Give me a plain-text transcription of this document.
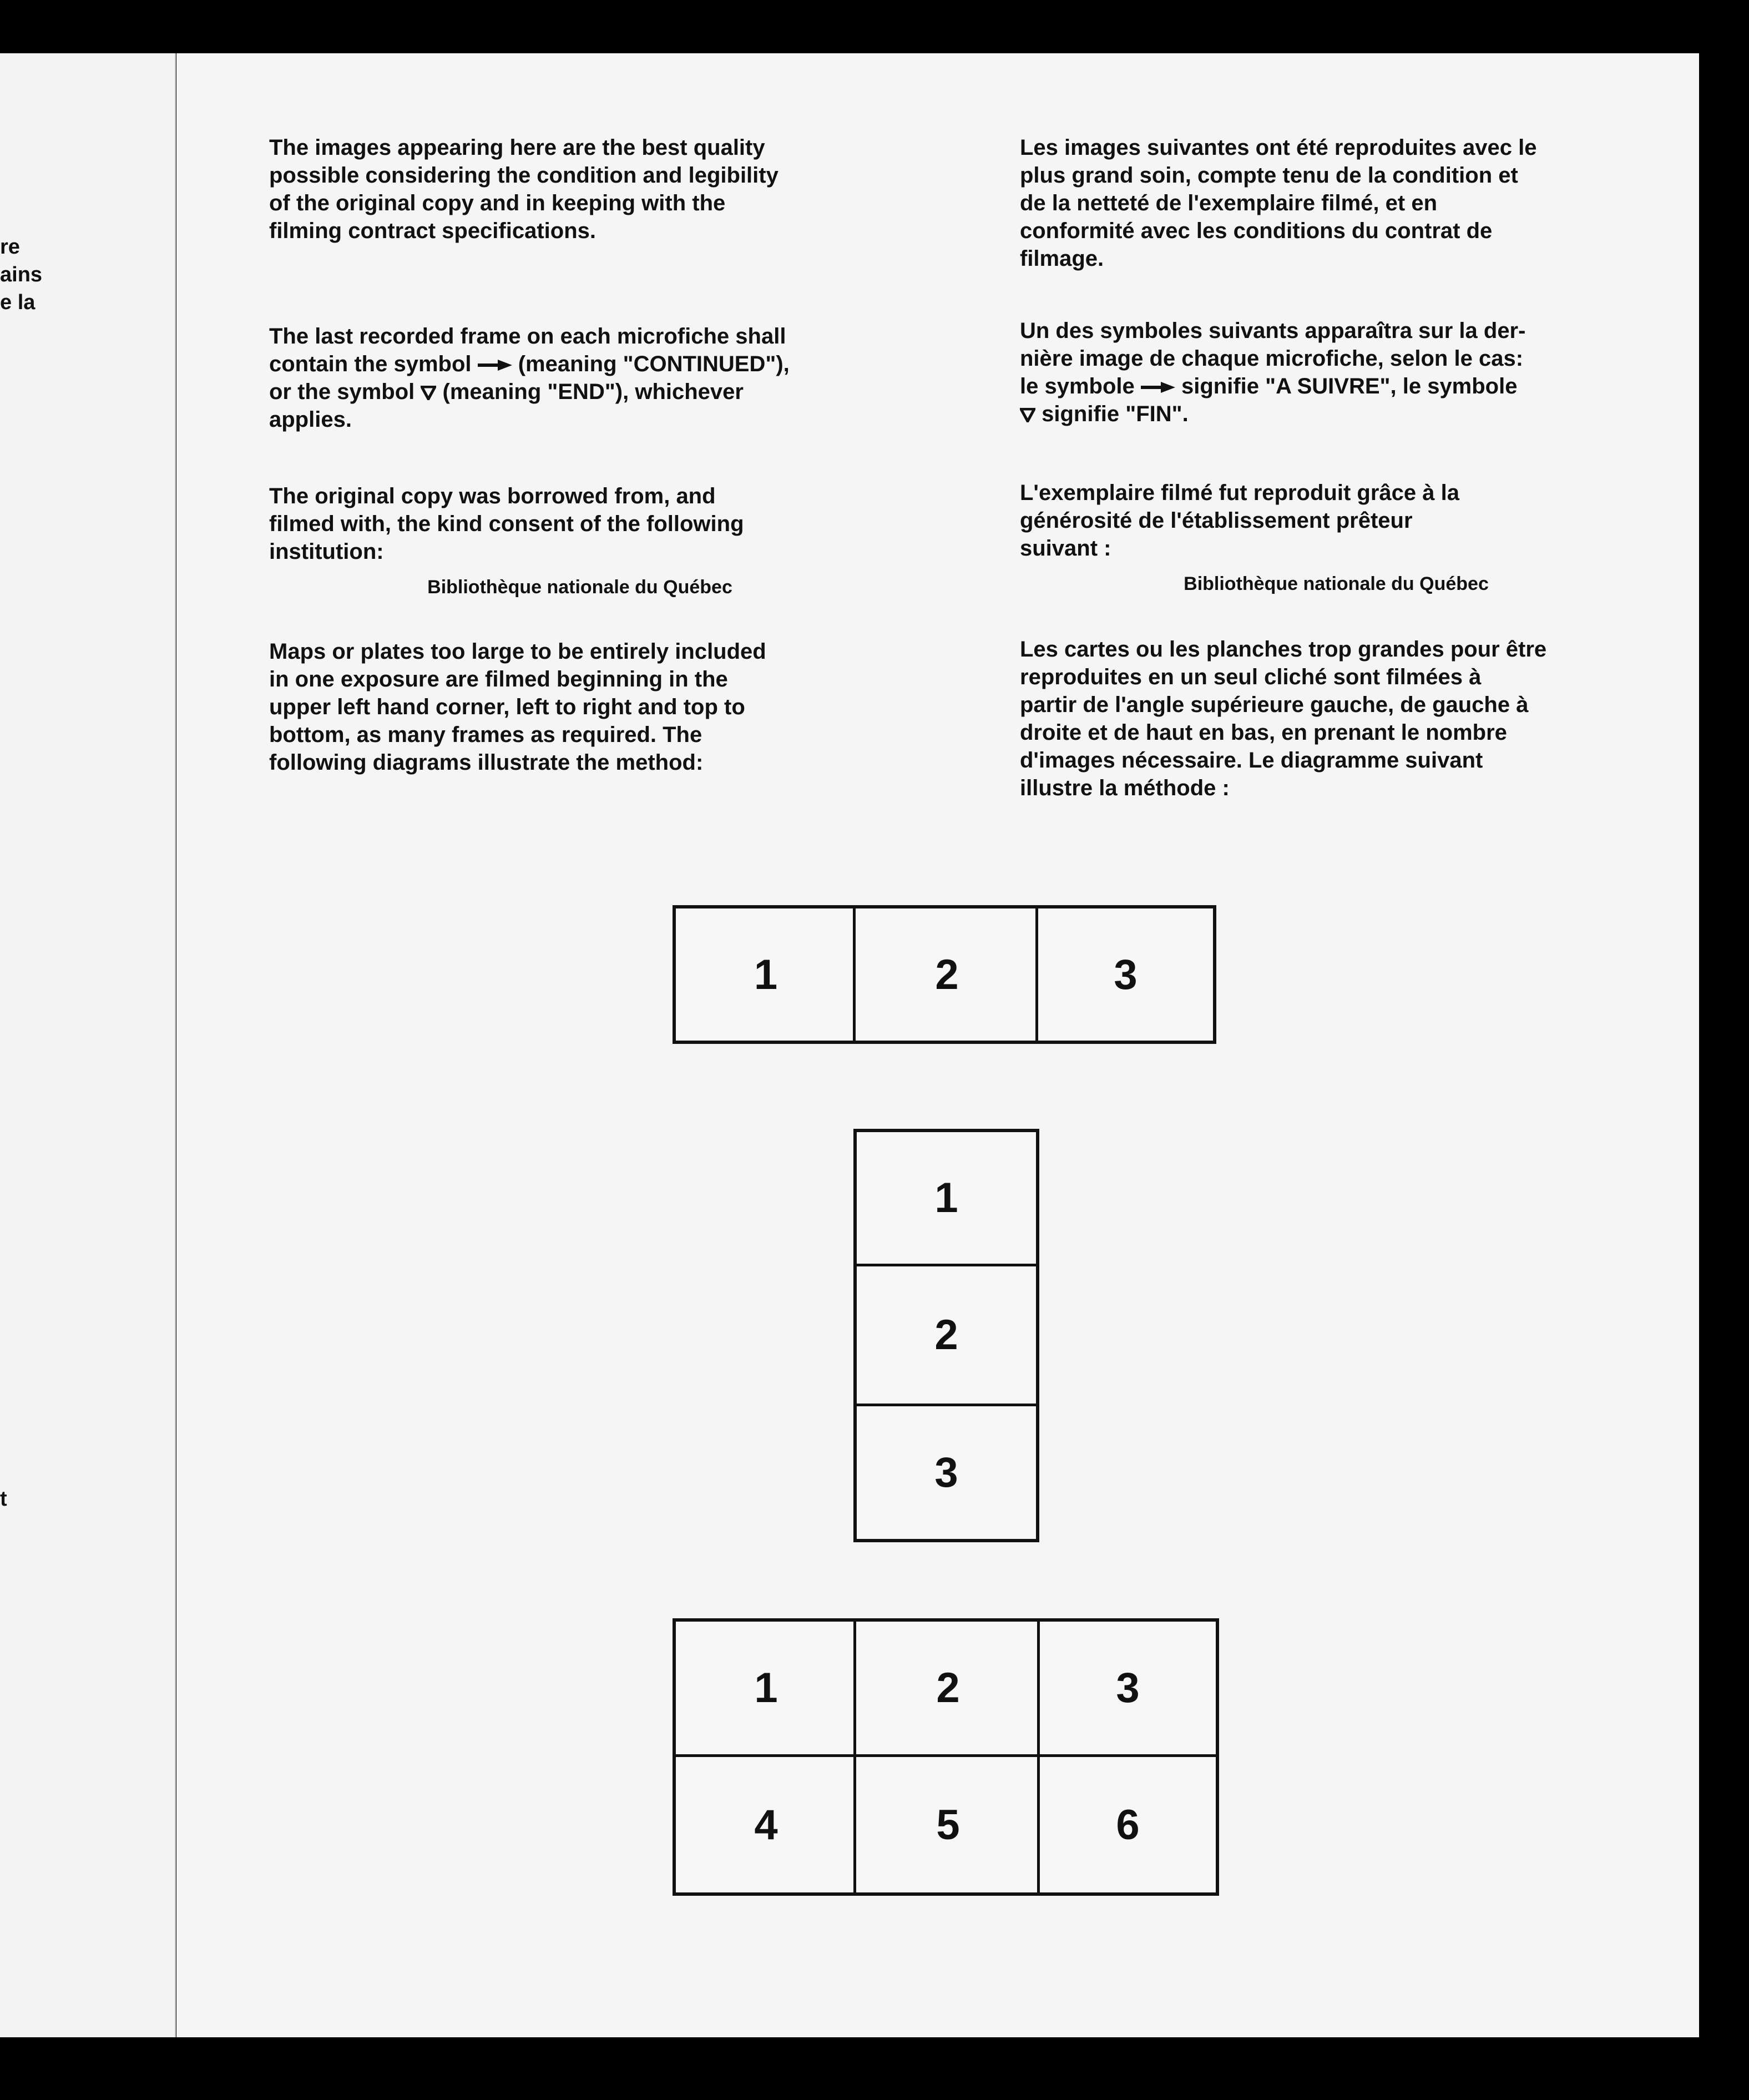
re
ains
e la
t

The images appearing here are the best quality
possible considering the condition and legibility
of the original copy and in keeping with the
filming contract specifications.

The last recorded frame on each microfiche shall
contain the symbol  (meaning "CONTINUED"),
or the symbol  (meaning "END"), whichever
applies.

The original copy was borrowed from, and
filmed with, the kind consent of the following
institution:

Bibliothèque nationale du Québec

Maps or plates too large to be entirely included
in one exposure are filmed beginning in the
upper left hand corner, left to right and top to
bottom, as many frames as required. The
following diagrams illustrate the method:

Les images suivantes ont été reproduites avec le
plus grand soin, compte tenu de la condition et
de la netteté de l'exemplaire filmé, et en
conformité avec les conditions du contrat de
filmage.

Un des symboles suivants apparaîtra sur la der-
nière image de chaque microfiche, selon le cas:
le symbole  signifie "A SUIVRE", le symbole
signifie "FIN".

L'exemplaire filmé fut reproduit grâce à la
générosité de l'établissement prêteur
suivant :

Bibliothèque nationale du Québec

Les cartes ou les planches trop grandes pour être
reproduites en un seul cliché sont filmées à
partir de l'angle supérieure gauche, de gauche à
droite et de haut en bas, en prenant le nombre
d'images nécessaire. Le diagramme suivant
illustre la méthode :

1	2	3
1
2
3
1	2	3
4	5	6
